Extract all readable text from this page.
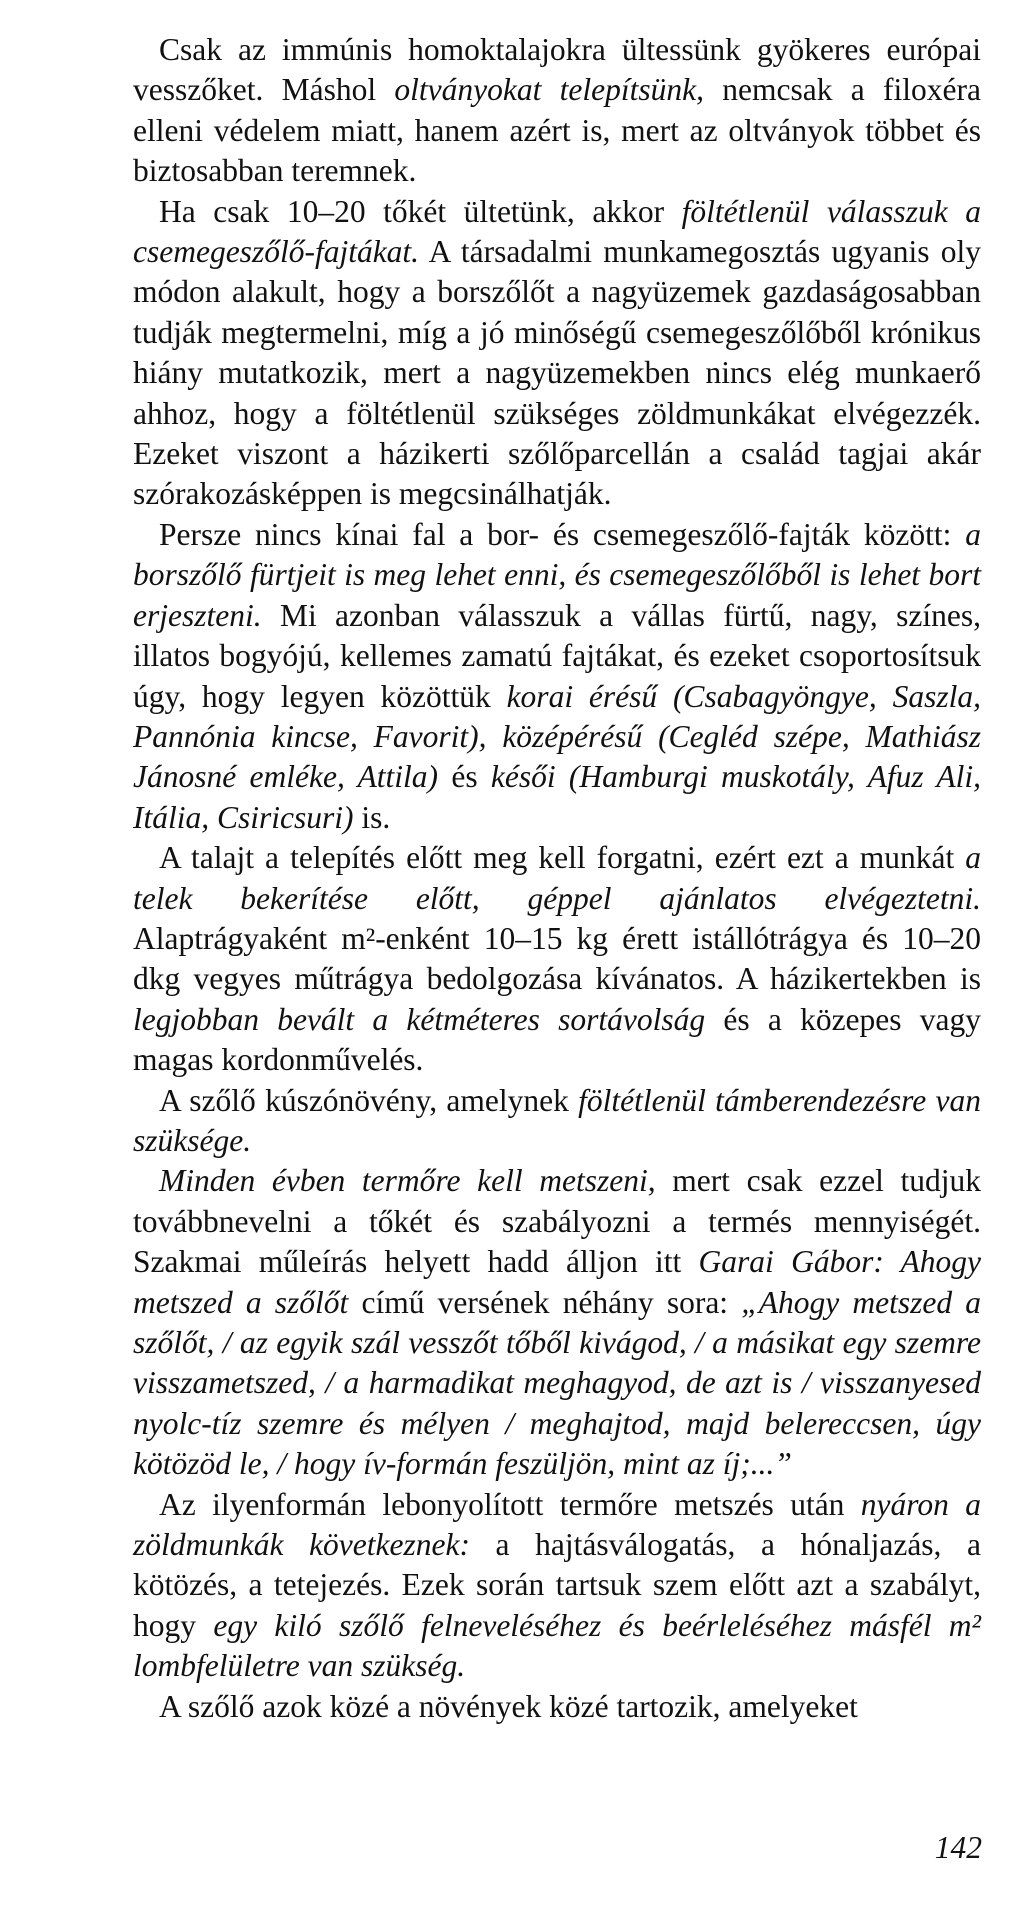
Csak az immúnis homoktalajokra ültessünk gyökeres európai vesszőket. Máshol oltványokat telepítsünk, nemcsak a filoxéra elleni védelem miatt, hanem azért is, mert az oltványok többet és biztosabban teremnek.

Ha csak 10–20 tőkét ültetünk, akkor föltétlenül válasszuk a csemegeszőlő-fajtákat. A társadalmi munkamegosztás ugyanis oly módon alakult, hogy a borszőlőt a nagyüzemek gazdaságosabban tudják megtermelni, míg a jó minőségű csemegeszőlőből krónikus hiány mutatkozik, mert a nagyüzemekben nincs elég munkaerő ahhoz, hogy a föltétlenül szükséges zöldmunkákat elvégezzék. Ezeket viszont a házikerti szőlőparcellán a család tagjai akár szórakozásképpen is megcsinálhatják.

Persze nincs kínai fal a bor- és csemegeszőlő-fajták között: a borszőlő fürtjeit is meg lehet enni, és csemegeszőlőből is lehet bort erjeszteni. Mi azonban válasszuk a vállas fürtű, nagy, színes, illatos bogyójú, kellemes zamatú fajtákat, és ezeket csoportosítsuk úgy, hogy legyen közöttük korai érésű (Csabagyöngye, Saszla, Pannónia kincse, Favorit), középérésű (Cegléd szépe, Mathiász Jánosné emléke, Attila) és késői (Hamburgi muskotály, Afuz Ali, Itália, Csiricsuri) is.

A talajt a telepítés előtt meg kell forgatni, ezért ezt a munkát a telek bekerítése előtt, géppel ajánlatos elvégeztetni. Alaptrágyaként m²-enként 10–15 kg érett istállótrágya és 10–20 dkg vegyes műtrágya bedolgozása kívánatos. A házikertekben is legjobban bevált a kétméteres sortávolság és a közepes vagy magas kordonművelés.

A szőlő kúszónövény, amelynek föltétlenül támberendezésre van szüksége.

Minden évben termőre kell metszeni, mert csak ezzel tudjuk továbbnevelni a tőkét és szabályozni a termés mennyiségét. Szakmai műleírás helyett hadd álljon itt Garai Gábor: Ahogy metszed a szőlőt című versének néhány sora: „Ahogy metszed a szőlőt, / az egyik szál vesszőt tőből kivágod, / a másikat egy szemre visszametszed, / a harmadikat meghagyod, de azt is / visszanyesed nyolc-tíz szemre és mélyen / meghajtod, majd belereccsen, úgy kötözöd le, / hogy ív-formán feszüljön, mint az íj;...”

Az ilyenformán lebonyolított termőre metszés után nyáron a zöldmunkák következnek: a hajtásválogatás, a hónaljazás, a kötözés, a tetejezés. Ezek során tartsuk szem előtt azt a szabályt, hogy egy kiló szőlő felneveléséhez és beérleléséhez másfél m² lombfelületre van szükség.

A szőlő azok közé a növények közé tartozik, amelyeket

142
